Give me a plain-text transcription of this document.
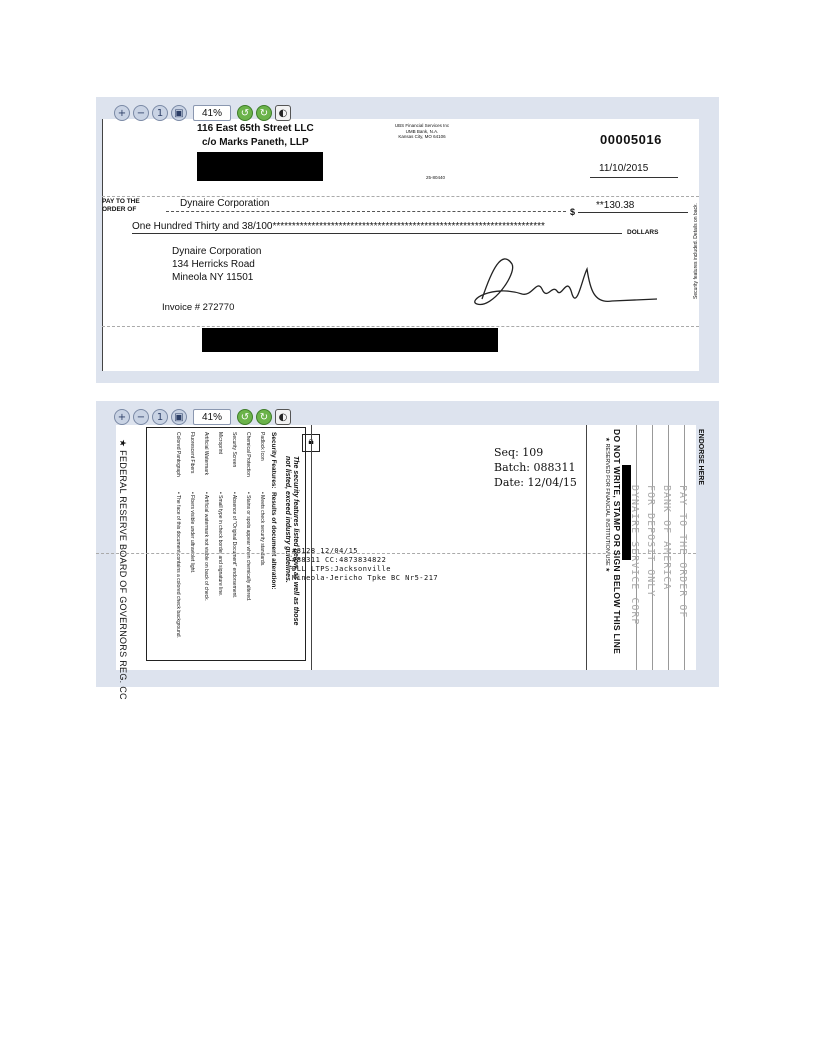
+	−	1	▣	41%	↺	↻	◐
116 East 65th Street LLC
c/o Marks Paneth, LLP
UBS Financial Services Inc
UMB Bank, N.A.
Kansas City, MO 64106	00005016
25-80440
11/10/2015
PAY TO THE
ORDER OF
Dynaire Corporation
$
**130.38
One Hundred Thirty and 38/100**********************************************************************
DOLLARS
Dynaire Corporation
134 Herricks Road
Mineola NY 11501
Invoice # 272770
Security features included. Details on back.
+	−	1	▣	41%	↺	↻	◐
★ FEDERAL RESERVE BOARD OF GOVERNORS REG. CC	🔒︎
The security features listed below, as well as those
not listed, exceed industry guidelines.
Security Features:
Results of document alteration:
Padlock Icon
• Meets check security standards.
Chemical Protection
• Stains or spots appear when chemically altered.
Security Screen
• Absence of "Original Document" endorsement.
Microprint
• Small type in check border and signature line.
Artificial Watermark
• Artificial watermark not visible on back of check.
Fluorescent Fibers
• Fibers visible under ultraviolet light.
Colored Pantograph
• The face of this document contains a colored check background.
Seq: 109
Batch: 088311
Date: 12/04/15
#3128 12/04/15
#88311 CC:4873834822
DLL LTPS:Jacksonville
Mineola-Jericho Tpke BC Nr5-217	DO NOT WRITE, STAMP OR SIGN BELOW THIS LINE
★ RESERVED FOR FINANCIAL INSTITUTION USE ★	PAY TO THE ORDER OF
BANK OF AMERICA
FOR DEPOSIT ONLY
DYNAIRE SERVICE CORP
ENDORSE HERE
